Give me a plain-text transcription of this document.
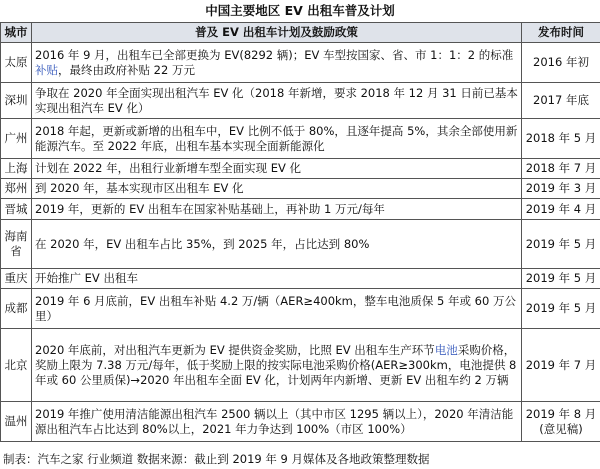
中国主要地区 EV 出租车普及计划
城市	普及 EV 出租车计划及鼓励政策	发布时间
太原	2016 年 9 月，出租车已全部更换为 EV(8292 辆)；EV 车型按国家、省、市 1：1：2 的标准补贴，最终由政府补贴 22 万元	2016 年初
深圳	争取在 2020 年全面实现出租汽车 EV 化（2018 年新增，要求 2018 年 12 月 31 日前已基本实现出租汽车 EV 化）	2017 年底
广州	2018 年起，更新或新增的出租车中，EV 比例不低于 80%，且逐年提高 5%，其余全部使用新能源汽车。至 2022 年底，出租车基本实现全面新能源化	2018 年 5 月
上海	计划在 2022 年，出租行业新增车型全面实现 EV 化	2018 年 7 月
郑州	到 2020 年，基本实现市区出租车 EV 化	2019 年 3 月
晋城	2019 年，更新的 EV 出租车在国家补贴基础上，再补助 1 万元/每年	2019 年 4 月
海南省	在 2020 年，EV 出租车占比 35%，到 2025 年，占比达到 80%	2019 年 5 月
重庆	开始推广 EV 出租车	2019 年 5 月
成都	2019 年 6 月底前，EV 出租车补贴 4.2 万/辆（AER≥400km，整车电池质保 5 年或 60 万公里）	2019 年 5 月
北京	2020 年底前，对出租汽车更新为 EV 提供资金奖励，比照 EV 出租车生产环节电池采购价格，奖励上限为 7.38 万元/每年，低于奖励上限的按实际电池采购价格(AER≥300km，电池提供 8 年或 60 公里质保)→2020 年出租车全面 EV 化，计划两年内新增、更新 EV 出租车约 2 万辆	2019 年 7 月
温州	2019 年推广使用清洁能源出租汽车 2500 辆以上（其中市区 1295 辆以上），2020 年清洁能源出租汽车占比达到 80%以上，2021 年力争达到 100%（市区 100%）	2019 年 8 月
(意见稿)
制表：汽车之家 行业频道 数据来源：截止到 2019 年 9 月媒体及各地政策整理数据
